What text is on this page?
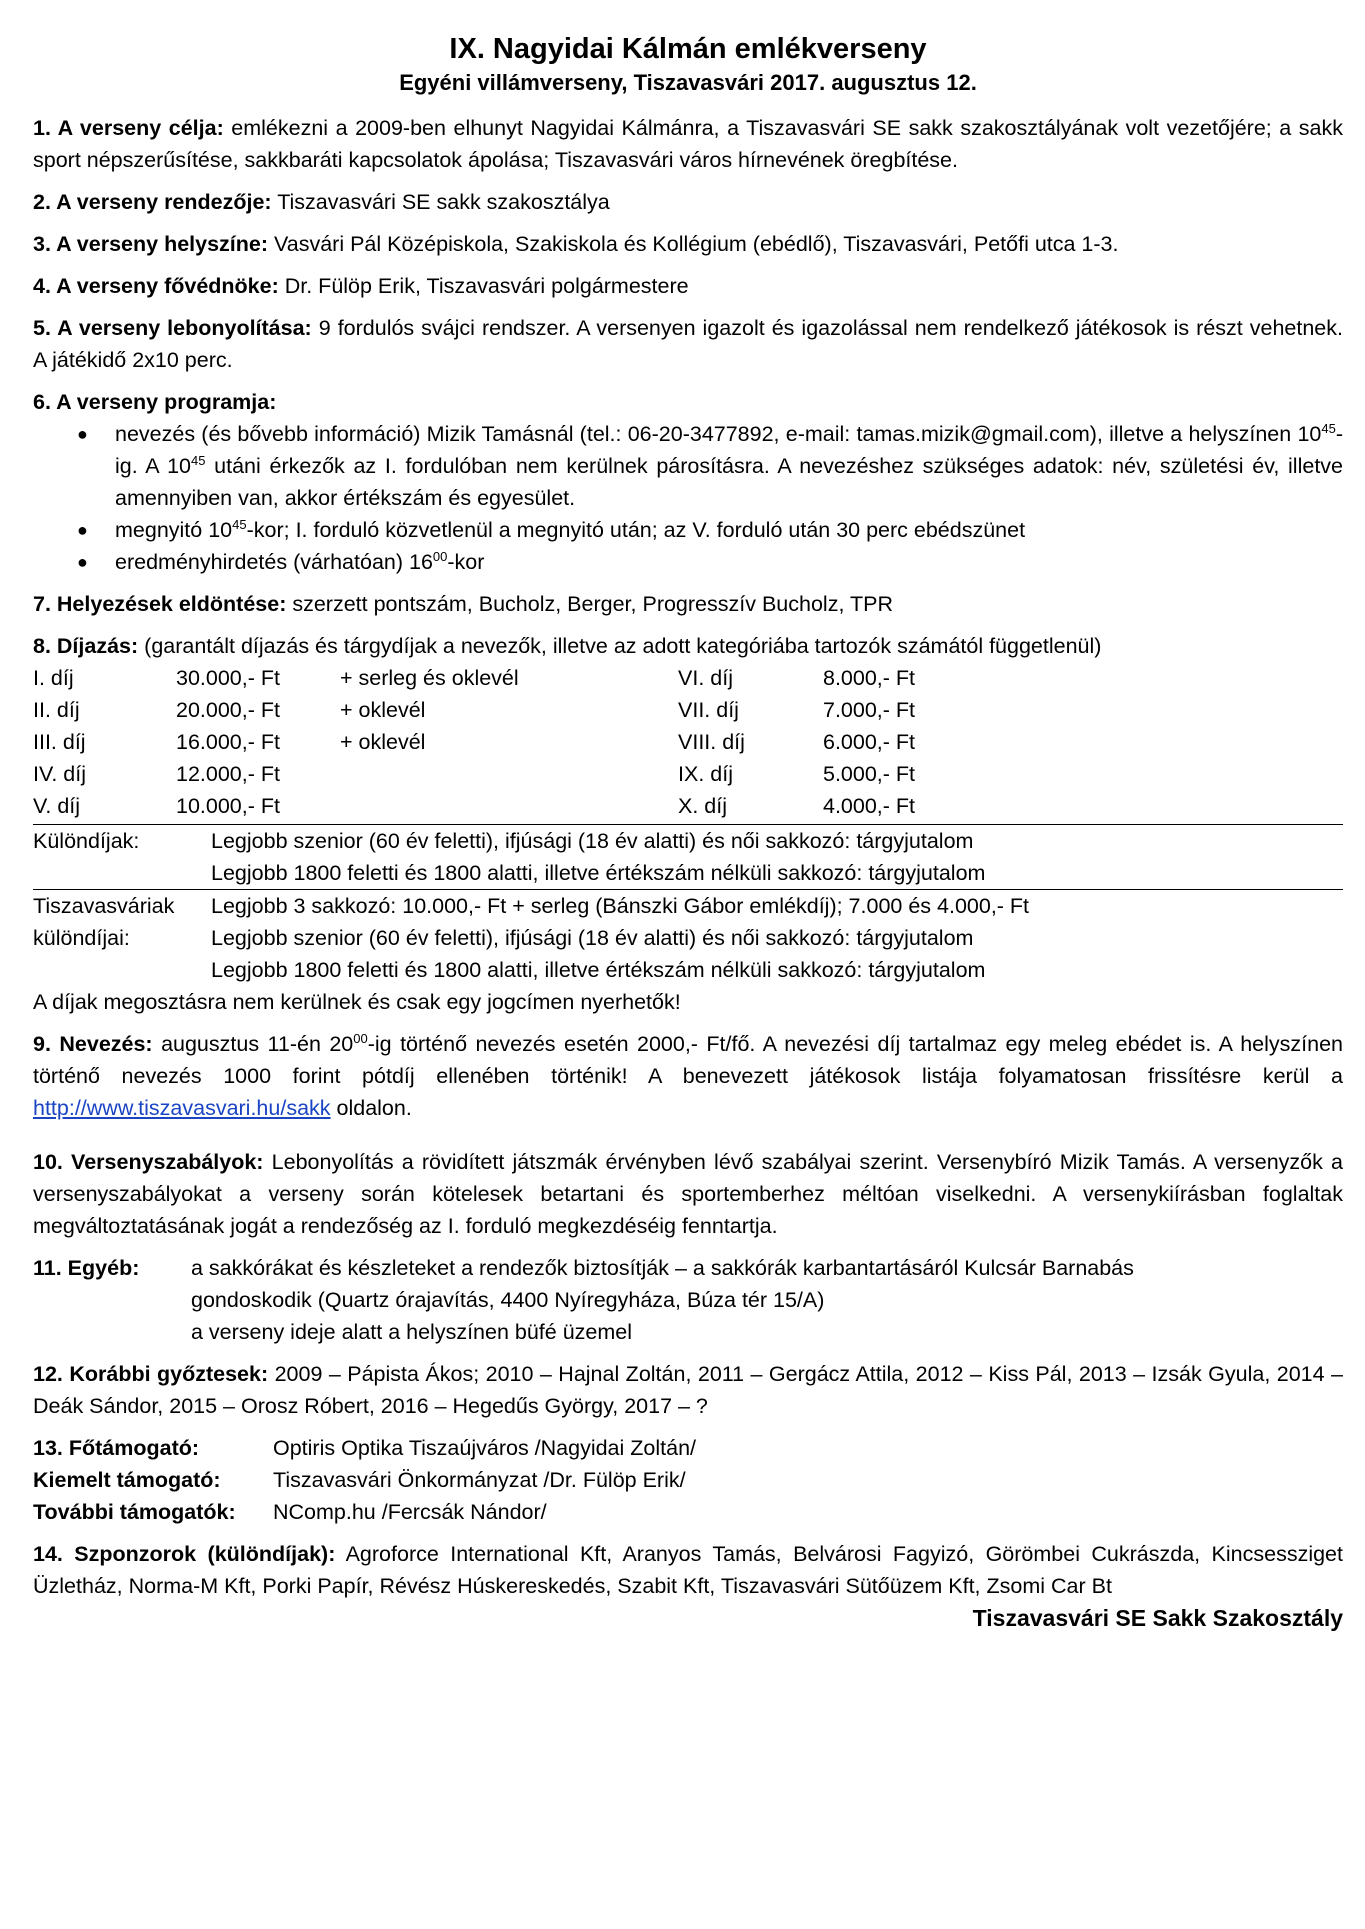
IX. Nagyidai Kálmán emlékverseny
Egyéni villámverseny, Tiszavasvári 2017. augusztus 12.
1. A verseny célja: emlékezni a 2009-ben elhunyt Nagyidai Kálmánra, a Tiszavasvári SE sakk szakosztályának volt vezetőjére; a sakk sport népszerűsítése, sakkbaráti kapcsolatok ápolása; Tiszavasvári város hírnevének öregbítése.
2. A verseny rendezője: Tiszavasvári SE sakk szakosztálya
3. A verseny helyszíne: Vasvári Pál Középiskola, Szakiskola és Kollégium (ebédlő), Tiszavasvári, Petőfi utca 1-3.
4. A verseny fővédnöke: Dr. Fülöp Erik, Tiszavasvári polgármestere
5. A verseny lebonyolítása: 9 fordulós svájci rendszer. A versenyen igazolt és igazolással nem rendelkező játékosok is részt vehetnek. A játékidő 2x10 perc.
6. A verseny programja:
● nevezés (és bővebb információ) Mizik Tamásnál (tel.: 06-20-3477892, e-mail: tamas.mizik@gmail.com), illetve a helyszínen $10^{45}-ig$. A $10^{45}$ utáni érkezők az I. fordulóban nem kerülnek párosításra. A nevezéshez szükséges adatok: név, születési év, illetve amennyiben van, akkor értékszám és egyesület.
● megnyitó $10^{45}$-kor; I. forduló közvetlenül a megnyitó után; az V. forduló után 30 perc ebédszünet
● eredményhirdetés (várhatóan) $16^{00}$-kor
7. Helyezések eldöntése: szerzett pontszám, Bucholz, Berger, Progresszív Bucholz, TPR
8. Díjazás: (garantált díjazás és tárgydíjak a nevezők, illetve az adott kategóriába tartozók számától függetlenül)
I. díj	30.000,- Ft	+ serleg és oklevél	VI. díj	8.000,- Ft
II. díj	20.000,- Ft	+ oklevél	VII. díj	7.000,- Ft
III. díj	16.000,- Ft	+ oklevél	VIII. díj	6.000,- Ft
IV. díj	12.000,- Ft	IX. díj	5.000,- Ft
V. díj	10.000,- Ft	X. díj	4.000,- Ft
Különdíjak:	Legjobb szenior (60 év feletti), ifjúsági (18 év alatti) és női sakkozó: tárgyjutalom
Legjobb 1800 feletti és 1800 alatti, illetve értékszám nélküli sakkozó: tárgyjutalom
Tiszavasváriak	Legjobb 3 sakkozó: 10.000,- Ft + serleg (Bánszki Gábor emlékdíj); 7.000 és 4.000,- Ft
különdíjai:	Legjobb szenior (60 év feletti), ifjúsági (18 év alatti) és női sakkozó: tárgyjutalom
Legjobb 1800 feletti és 1800 alatti, illetve értékszám nélküli sakkozó: tárgyjutalom
A díjak megosztásra nem kerülnek és csak egy jogcímen nyerhetők!
9. Nevezés: augusztus 11-én $20^{00}-ig$ történő nevezés esetén 2000,- Ft/fő. A nevezési díj tartalmaz egy meleg ebédet is. A helyszínen történő nevezés 1000 forint pótdíj ellenében történik! A benevezett játékosok listája folyamatosan frissítésre kerül a http://www.tiszavasvari.hu/sakk oldalon.
10. Versenyszabályok: Lebonyolítás a rövidített játszmák érvényben lévő szabályai szerint. Versenybíró Mizik Tamás. A versenyzők a versenyszabályokat a verseny során kötelesek betartani és sportemberhez méltóan viselkedni. A versenykiírásban foglaltak megváltoztatásának jogát a rendezőség az I. forduló megkezdéséig fenntartja.
11. Egyéb:	a sakkórákat és készleteket a rendezők biztosítják – a sakkórák karbantartásáról Kulcsár Barnabás
gondoskodik (Quartz órajavítás, 4400 Nyíregyháza, Búza tér 15/A)
a verseny ideje alatt a helyszínen büfé üzemel
12. Korábbi győztesek: 2009 – Pápista Ákos; 2010 – Hajnal Zoltán, 2011 – Gergácz Attila, 2012 – Kiss Pál, 2013 – Izsák Gyula, 2014 – Deák Sándor, 2015 – Orosz Róbert, 2016 – Hegedűs György, 2017 – ?
13. Főtámogató:	Optiris Optika Tiszaújváros /Nagyidai Zoltán/
Kiemelt támogató:	Tiszavasvári Önkormányzat /Dr. Fülöp Erik/
További támogatók:	NComp.hu /Fercsák Nándor/
14. Szponzorok (különdíjak): Agroforce International Kft, Aranyos Tamás, Belvárosi Fagyizó, Görömbei Cukrászda, Kincsessziget Üzletház, Norma-M Kft, Porki Papír, Révész Húskereskedés, Szabit Kft, Tiszavasvári Sütőüzem Kft, Zsomi Car Bt
Tiszavasvári SE Sakk Szakosztály
